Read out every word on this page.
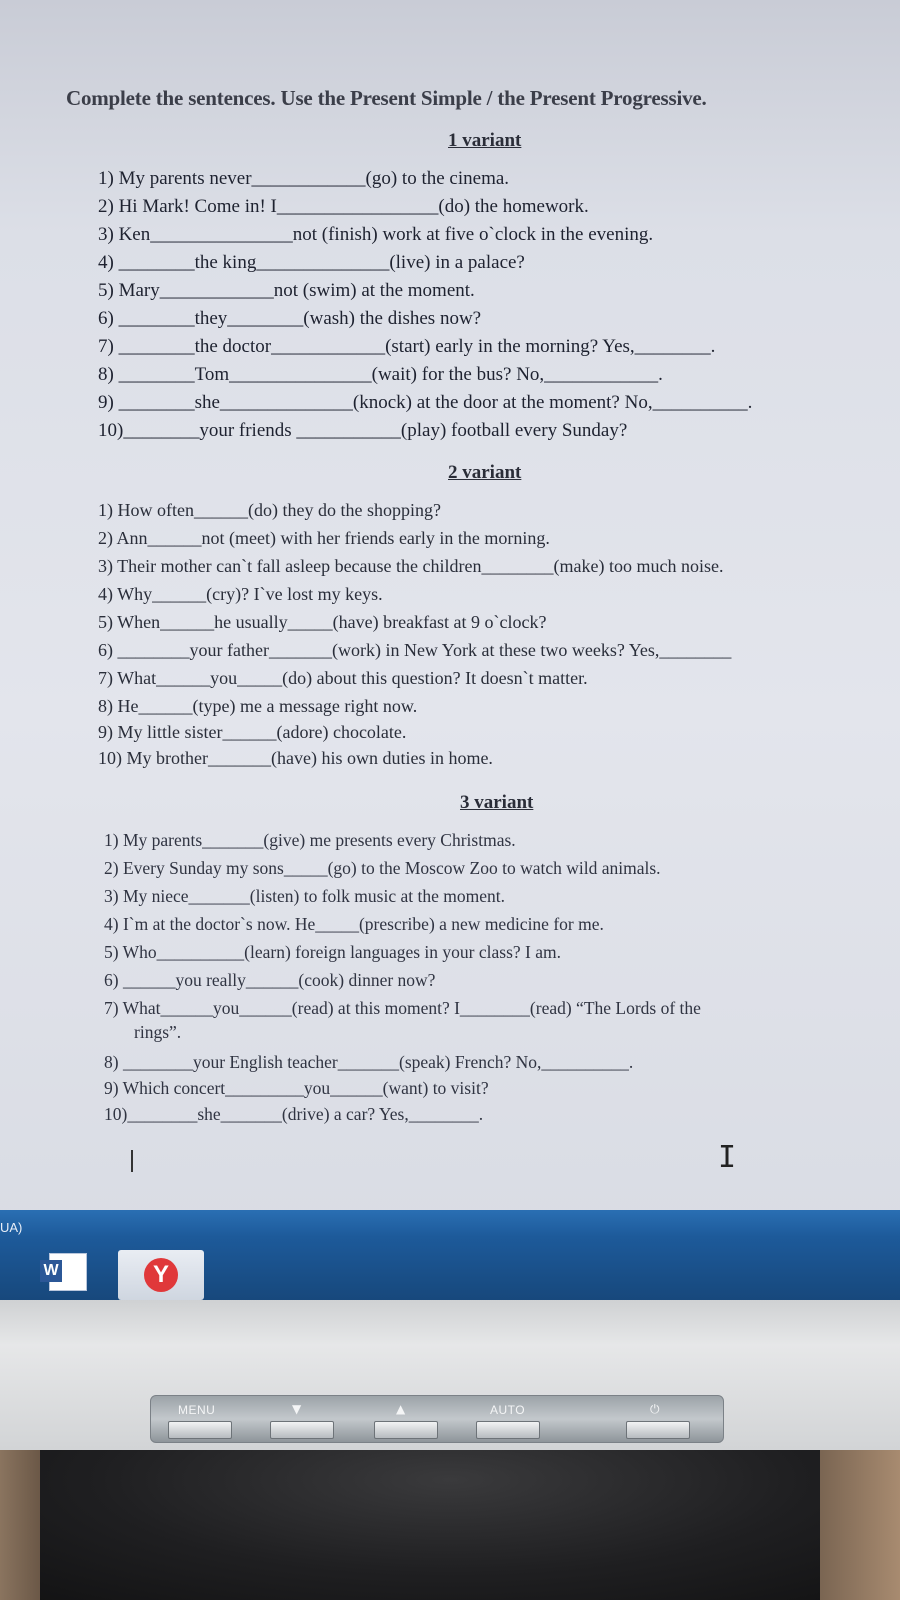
Complete the sentences. Use the Present Simple / the Present Progressive.
1 variant
1) My parents never____________(go) to the cinema.
2) Hi Mark! Come in! I_________________(do) the homework.
3) Ken_______________not (finish) work at five o`clock in the evening.
4) ________the king______________(live) in a palace?
5) Mary____________not (swim) at the moment.
6) ________they________(wash) the dishes now?
7) ________the doctor____________(start) early in the morning? Yes,________.
8) ________Tom_______________(wait) for the bus? No,____________.
9) ________she______________(knock) at the door at the moment? No,__________.
10)________your friends ___________(play) football every Sunday?
2 variant
1) How often______(do) they do the shopping?
2) Ann______not (meet) with her friends early in the morning.
3) Their mother can`t fall asleep because the children________(make) too much noise.
4) Why______(cry)? I`ve lost my keys.
5) When______he usually_____(have) breakfast at 9 o`clock?
6) ________your father_______(work) in New York at these two weeks? Yes,________
7) What______you_____(do) about this question? It doesn`t matter.
8) He______(type) me a message right now.
9) My little sister______(adore) chocolate.
10) My brother_______(have) his own duties in home.
3 variant
1) My parents_______(give) me presents every Christmas.
2) Every Sunday my sons_____(go) to the Moscow Zoo to watch wild animals.
3) My niece_______(listen) to folk music at the moment.
4) I`m at the doctor`s now. He_____(prescribe) a new medicine for me.
5) Who__________(learn) foreign languages in your class? I am.
6) ______you really______(cook) dinner now?
7) What______you______(read) at this moment? I________(read) “The Lords of the
rings”.
8) ________your English teacher_______(speak) French? No,__________.
9) Which concert_________you______(want) to visit?
10)________she_______(drive) a car? Yes,________.
I
UA)
W	Y
MENU	▼	▲	AUTO	⏻
